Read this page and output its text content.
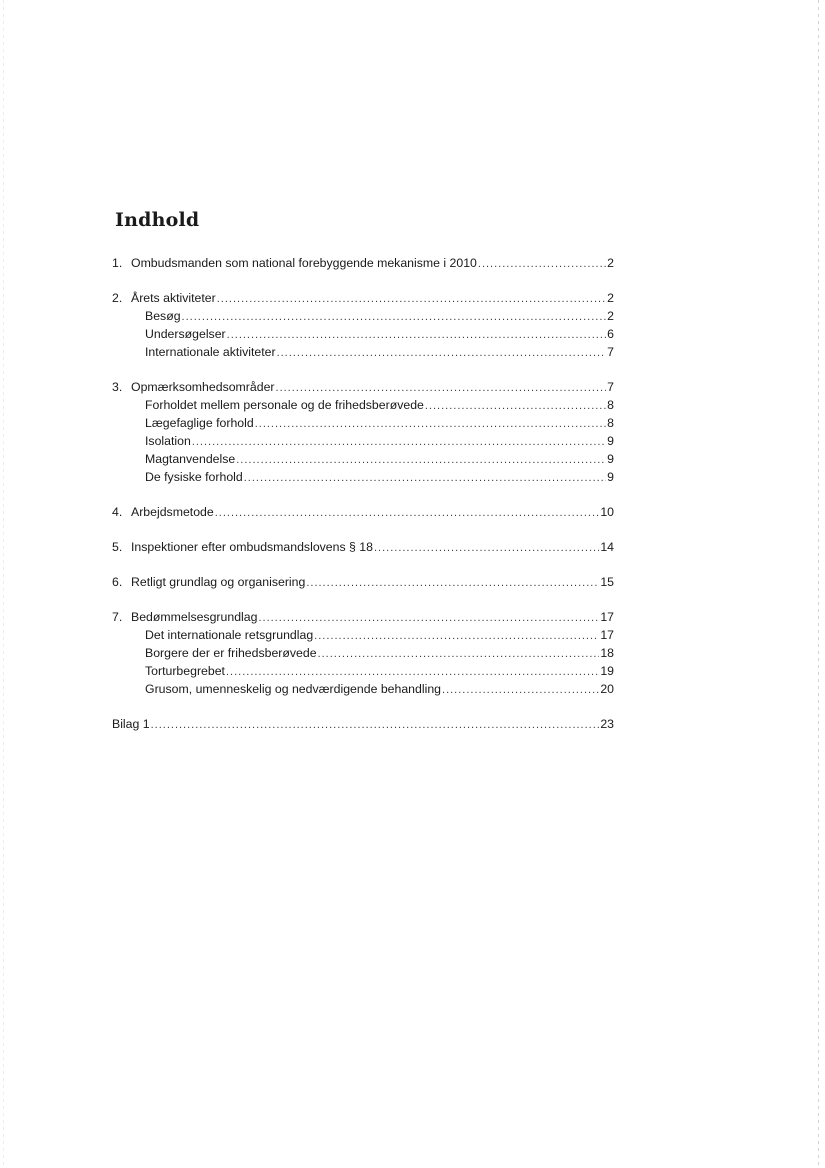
Indhold
1. Ombudsmanden som national forebyggende mekanisme i 2010 .....	2
2. Årets aktiviteter .....	2
Besøg .....	2
Undersøgelser .....	6
Internationale aktiviteter .....	7
3. Opmærksomhedsområder .....	7
Forholdet mellem personale og de frihedsberøvede .....	8
Lægefaglige forhold .....	8
Isolation .....	9
Magtanvendelse .....	9
De fysiske forhold .....	9
4. Arbejdsmetode .....	10
5. Inspektioner efter ombudsmandslovens § 18 .....	14
6. Retligt grundlag og organisering .....	15
7. Bedømmelsesgrundlag .....	17
Det internationale retsgrundlag .....	17
Borgere der er frihedsberøvede .....	18
Torturbegrebet .....	19
Grusom, umenneskelig og nedværdigende behandling .....	20
Bilag 1 .....	23
